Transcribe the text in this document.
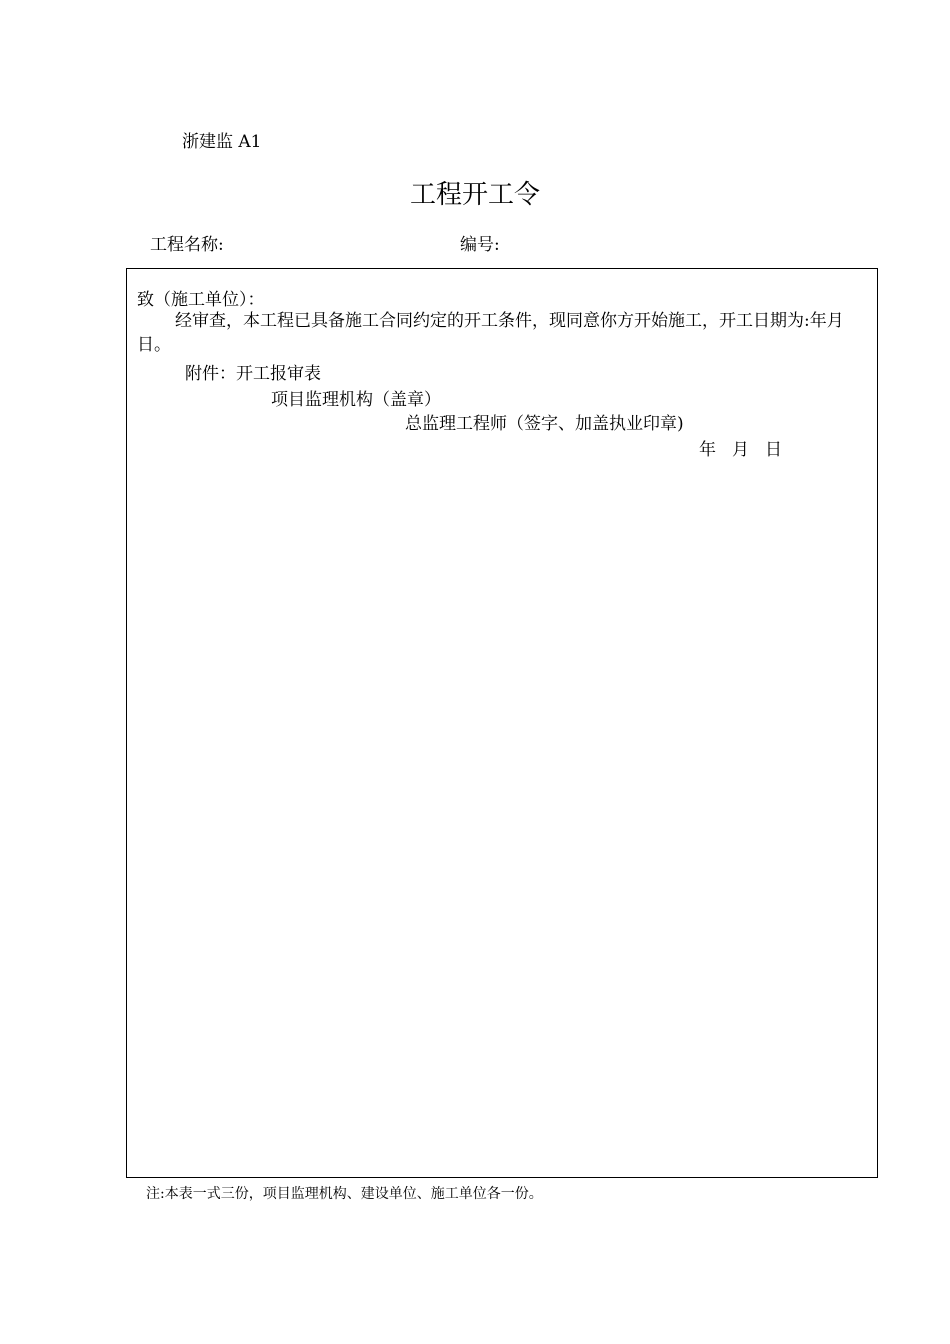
浙建监 A1
工程开工令
工程名称:	编号:
致（施工单位）：
经审查，本工程已具备施工合同约定的开工条件，现同意你方开始施工，开工日期为:年月日。
附件：开工报审表
项目监理机构（盖章）
总监理工程师（签字、加盖执业印章)
年 月 日
注:本表一式三份，项目监理机构、建设单位、施工单位各一份。
